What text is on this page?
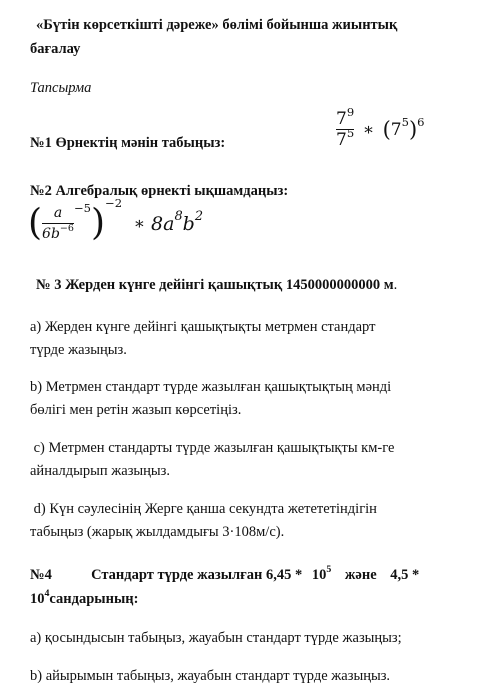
«Бүтін көрсеткішті дәреже» бөлімі бойынша жиынтық
бағалау
Тапсырма
№1 Өрнектің мәнін табыңыз:	$\frac{7^9}{7^5}$ ∗ $(7^5)^6$
№2 Алгебралық өрнекті ықшамдаңыз:
( $\frac{a}{6b^{-6}} ^{-5})^{-2}$ ∗ $8a^8b^2$
№ 3 Жерден күнге дейінгі қашықтық 1450000000000 м.
а) Жерден күнге дейінгі қашықтықты метрмен стандарт
түрде жазыңыз.
b) Метрмен стандарт түрде жазылған қашықтықтың мәнді
бөлігі мен ретін жазып көрсетіңіз.
с) Метрмен стандарты түрде жазылған қашықтықты км-ге
айналдырып жазыңыз.
d) Күн сәулесінің Жерге қанша секундта жетететіндігін
табыңыз (жарық жылдамдығы 3·108м/с).
№4	Стандарт түрде жазылған $6,45 * 10^5$ және 4,5 *
$10^4сандарының$:
а) қосындысын табыңыз, жауабын стандарт түрде жазыңыз;
b) айырымын табыңыз, жауабын стандарт түрде жазыңыз.
